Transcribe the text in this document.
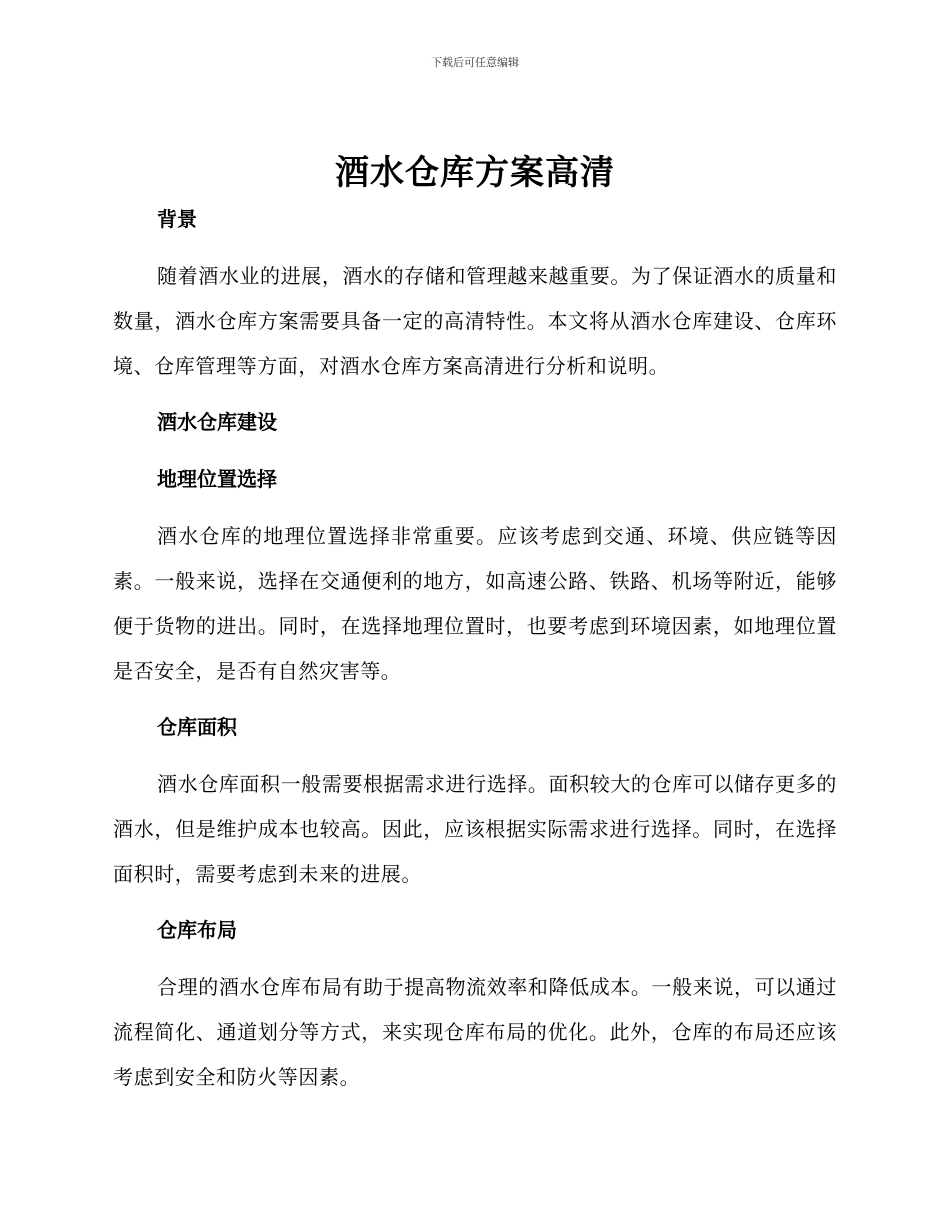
下载后可任意编辑
酒水仓库方案高清
背景

随着酒水业的进展，酒水的存储和管理越来越重要。为了保证酒水的质量和数量，酒水仓库方案需要具备一定的高清特性。本文将从酒水仓库建设、仓库环境、仓库管理等方面，对酒水仓库方案高清进行分析和说明。

酒水仓库建设
地理位置选择

酒水仓库的地理位置选择非常重要。应该考虑到交通、环境、供应链等因素。一般来说，选择在交通便利的地方，如高速公路、铁路、机场等附近，能够便于货物的进出。同时，在选择地理位置时，也要考虑到环境因素，如地理位置是否安全，是否有自然灾害等。

仓库面积

酒水仓库面积一般需要根据需求进行选择。面积较大的仓库可以储存更多的酒水，但是维护成本也较高。因此，应该根据实际需求进行选择。同时，在选择面积时，需要考虑到未来的进展。

仓库布局

合理的酒水仓库布局有助于提高物流效率和降低成本。一般来说，可以通过流程简化、通道划分等方式，来实现仓库布局的优化。此外，仓库的布局还应该考虑到安全和防火等因素。
